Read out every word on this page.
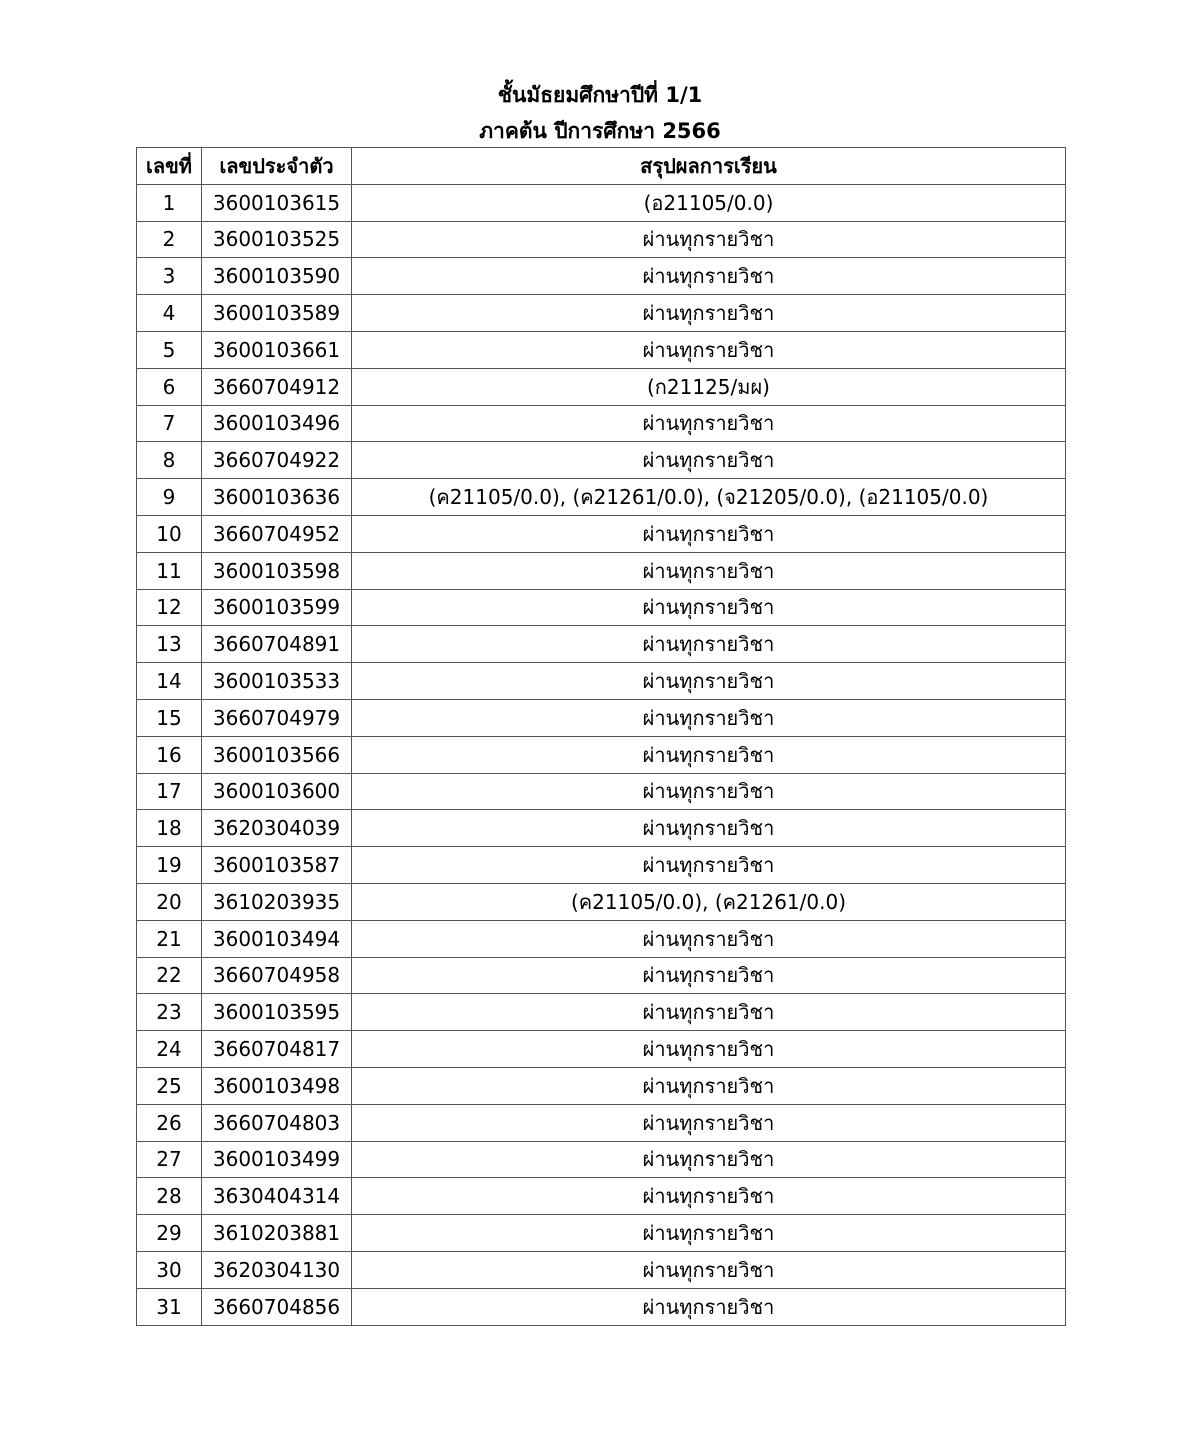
ชั้นมัธยมศึกษาปีที่ 1/1
ภาคต้น ปีการศึกษา 2566
เลขที่	เลขประจำตัว	สรุปผลการเรียน
1	3600103615	(อ21105/0.0)
2	3600103525	ผ่านทุกรายวิชา
3	3600103590	ผ่านทุกรายวิชา
4	3600103589	ผ่านทุกรายวิชา
5	3600103661	ผ่านทุกรายวิชา
6	3660704912	(ก21125/มผ)
7	3600103496	ผ่านทุกรายวิชา
8	3660704922	ผ่านทุกรายวิชา
9	3600103636	(ค21105/0.0), (ค21261/0.0), (จ21205/0.0), (อ21105/0.0)
10	3660704952	ผ่านทุกรายวิชา
11	3600103598	ผ่านทุกรายวิชา
12	3600103599	ผ่านทุกรายวิชา
13	3660704891	ผ่านทุกรายวิชา
14	3600103533	ผ่านทุกรายวิชา
15	3660704979	ผ่านทุกรายวิชา
16	3600103566	ผ่านทุกรายวิชา
17	3600103600	ผ่านทุกรายวิชา
18	3620304039	ผ่านทุกรายวิชา
19	3600103587	ผ่านทุกรายวิชา
20	3610203935	(ค21105/0.0), (ค21261/0.0)
21	3600103494	ผ่านทุกรายวิชา
22	3660704958	ผ่านทุกรายวิชา
23	3600103595	ผ่านทุกรายวิชา
24	3660704817	ผ่านทุกรายวิชา
25	3600103498	ผ่านทุกรายวิชา
26	3660704803	ผ่านทุกรายวิชา
27	3600103499	ผ่านทุกรายวิชา
28	3630404314	ผ่านทุกรายวิชา
29	3610203881	ผ่านทุกรายวิชา
30	3620304130	ผ่านทุกรายวิชา
31	3660704856	ผ่านทุกรายวิชา
